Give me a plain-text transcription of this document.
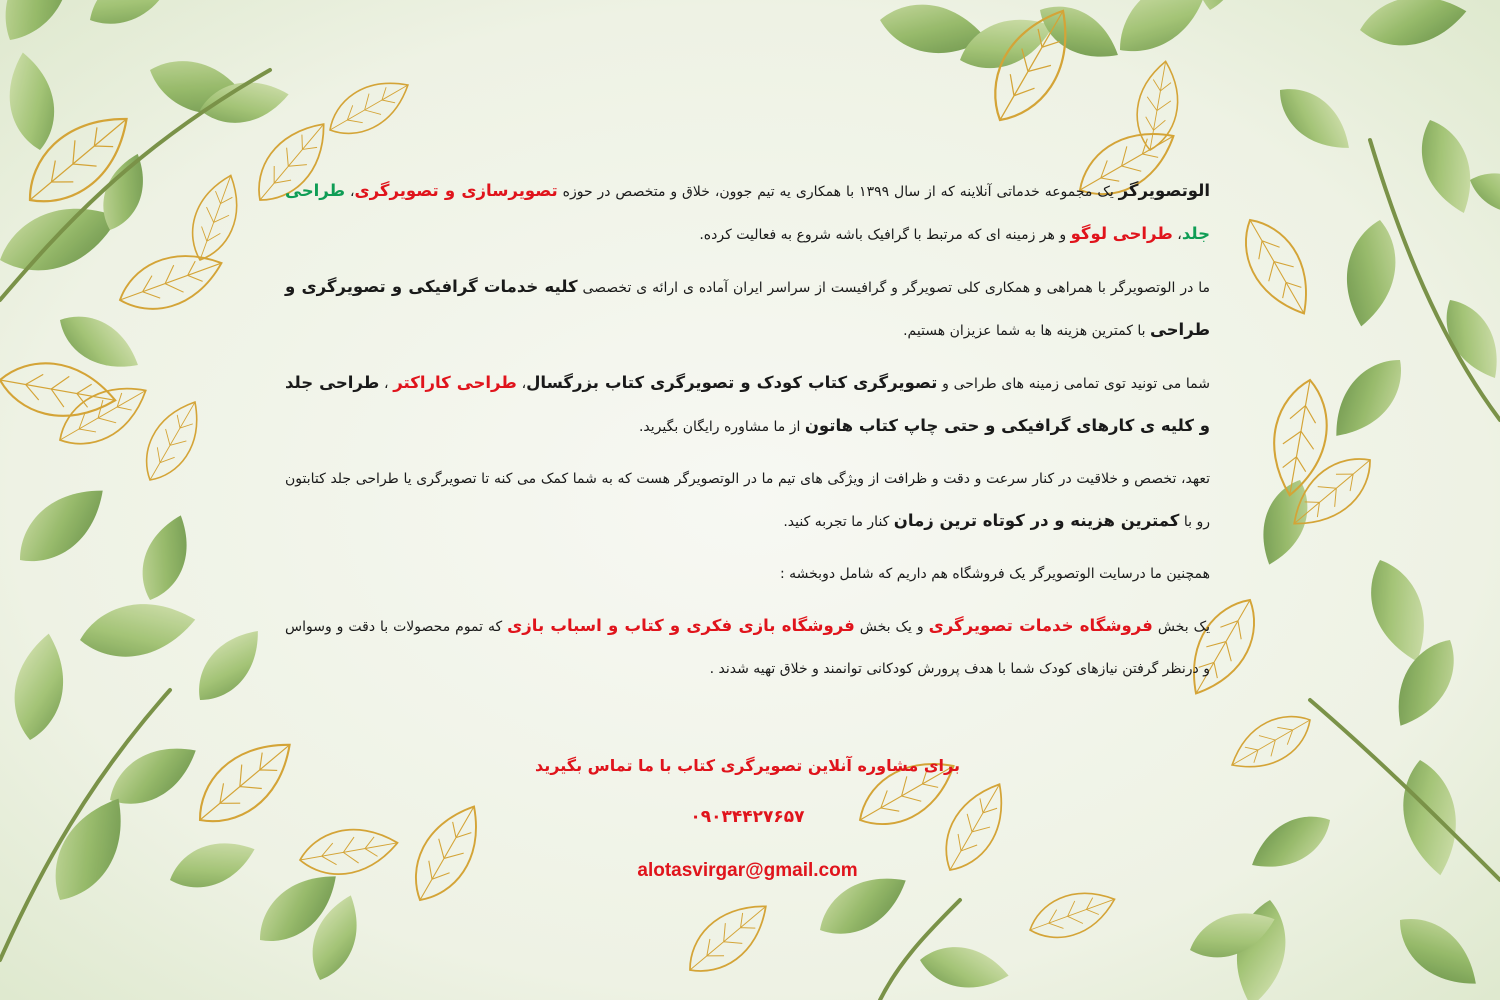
الوتصویرگر یک مجموعه خدماتی آنلاینه که از سال ۱۳۹۹ با همکاری یه تیم جوون، خلاق و متخصص در حوزه تصویرسازی و تصویرگری، طراحی جلد، طراحی لوگو و هر زمینه ای که مرتبط با گرافیک باشه شروع به فعالیت کرده.

ما در الوتصویرگر با همراهی و همکاری کلی تصویرگر و گرافیست از سراسر ایران آماده ی ارائه ی تخصصی کلیه خدمات گرافیکی و تصویرگری و طراحی با کمترین هزینه ها به شما عزیزان هستیم.

شما می تونید توی تمامی زمینه های طراحی و تصویرگری کتاب کودک و تصویرگری کتاب بزرگسال، طراحی کاراکتر ، طراحی جلد و کلیه ی کارهای گرافیکی و حتی چاپ کتاب هاتون از ما مشاوره رایگان بگیرید.

تعهد، تخصص و خلاقیت در کنار سرعت و دقت و ظرافت از ویژگی های تیم ما در الوتصویرگر هست که به شما کمک می کنه تا تصویرگری یا طراحی جلد کتابتون رو با کمترین هزینه و در کوتاه ترین زمان کنار ما تجربه کنید.

همچنین ما درسایت الوتصویرگر یک فروشگاه هم داریم که شامل دوبخشه :

یک بخش فروشگاه خدمات تصویرگری و یک بخش فروشگاه بازی فکری و کتاب و اسباب بازی که تموم محصولات با دقت و وسواس و درنظر گرفتن نیازهای کودک شما با هدف پرورش کودکانی توانمند و خلاق تهیه شدند .

برای مشاوره آنلاین تصویرگری کتاب با ما تماس بگیرید
۰۹۰۳۴۴۲۷۶۵۷
alotasvirgar@gmail.com
